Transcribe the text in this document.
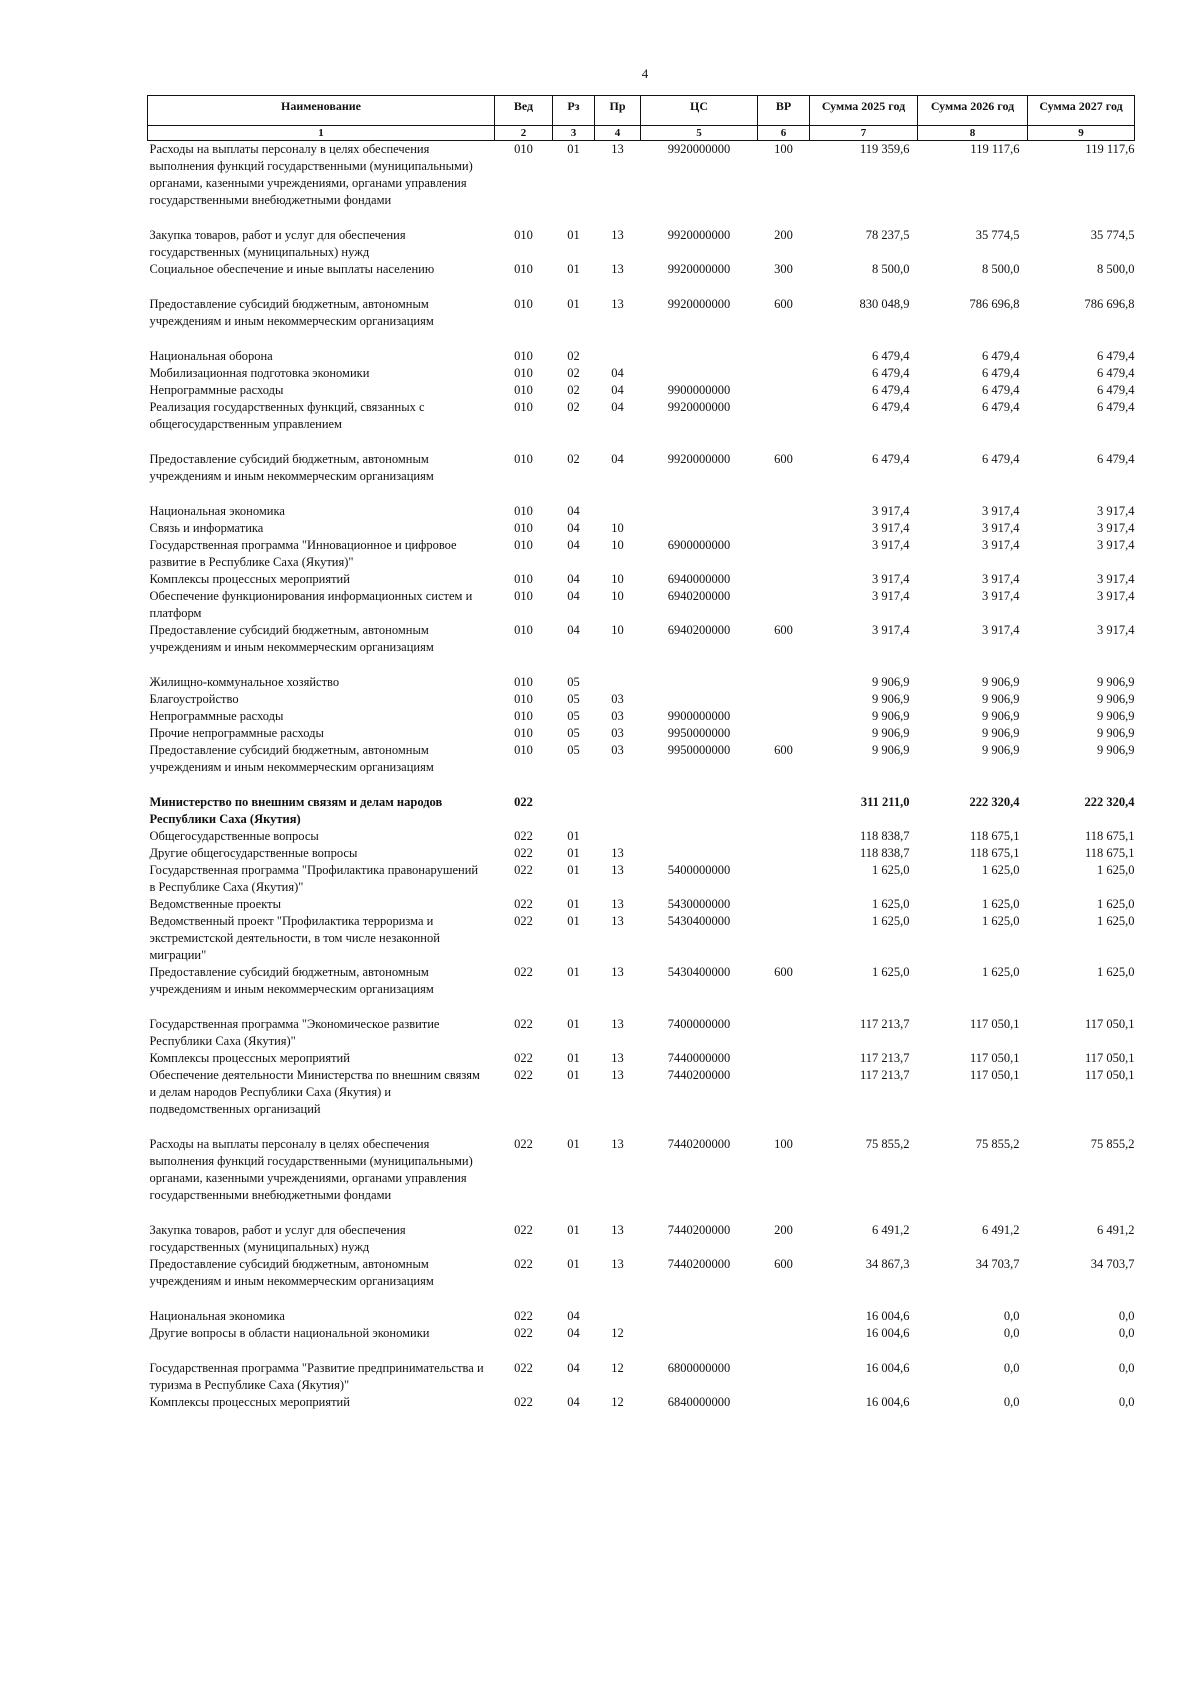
4
Наименование	Вед	Рз	Пр	ЦС	ВР	Сумма 2025 год	Сумма 2026 год	Сумма 2027 год
1	2	3	4	5	6	7	8	9
Расходы на выплаты персоналу в целях обеспечения выполнения функций государственными (муниципальными) органами, казенными учреждениями, органами управления государственными внебюджетными фондами	010	01	13	9920000000	100	119 359,6	119 117,6	119 117,6

Закупка товаров, работ и услуг для обеспечения государственных (муниципальных) нужд	010	01	13	9920000000	200	78 237,5	35 774,5	35 774,5
Социальное обеспечение и иные выплаты населению	010	01	13	9920000000	300	8 500,0	8 500,0	8 500,0

Предоставление субсидий бюджетным, автономным учреждениям и иным некоммерческим организациям	010	01	13	9920000000	600	830 048,9	786 696,8	786 696,8

Национальная оборона	010	02				6 479,4	6 479,4	6 479,4
Мобилизационная подготовка экономики	010	02	04			6 479,4	6 479,4	6 479,4
Непрограммные расходы	010	02	04	9900000000		6 479,4	6 479,4	6 479,4
Реализация государственных функций, связанных с общегосударственным управлением	010	02	04	9920000000		6 479,4	6 479,4	6 479,4

Предоставление субсидий бюджетным, автономным учреждениям и иным некоммерческим организациям	010	02	04	9920000000	600	6 479,4	6 479,4	6 479,4

Национальная экономика	010	04				3 917,4	3 917,4	3 917,4
Связь и информатика	010	04	10			3 917,4	3 917,4	3 917,4
Государственная программа "Инновационное и цифровое развитие в Республике Саха (Якутия)"	010	04	10	6900000000		3 917,4	3 917,4	3 917,4
Комплексы процессных мероприятий	010	04	10	6940000000		3 917,4	3 917,4	3 917,4
Обеспечение функционирования информационных систем и платформ	010	04	10	6940200000		3 917,4	3 917,4	3 917,4
Предоставление субсидий бюджетным, автономным учреждениям и иным некоммерческим организациям	010	04	10	6940200000	600	3 917,4	3 917,4	3 917,4

Жилищно-коммунальное хозяйство	010	05				9 906,9	9 906,9	9 906,9
Благоустройство	010	05	03			9 906,9	9 906,9	9 906,9
Непрограммные расходы	010	05	03	9900000000		9 906,9	9 906,9	9 906,9
Прочие непрограммные расходы	010	05	03	9950000000		9 906,9	9 906,9	9 906,9
Предоставление субсидий бюджетным, автономным учреждениям и иным некоммерческим организациям	010	05	03	9950000000	600	9 906,9	9 906,9	9 906,9

Министерство по внешним связям и делам народов Республики Саха (Якутия)	022					311 211,0	222 320,4	222 320,4
Общегосударственные вопросы	022	01				118 838,7	118 675,1	118 675,1
Другие общегосударственные вопросы	022	01	13			118 838,7	118 675,1	118 675,1
Государственная программа "Профилактика правонарушений в Республике Саха (Якутия)"	022	01	13	5400000000		1 625,0	1 625,0	1 625,0
Ведомственные проекты	022	01	13	5430000000		1 625,0	1 625,0	1 625,0
Ведомственный проект "Профилактика терроризма и экстремистской деятельности, в том числе незаконной миграции"	022	01	13	5430400000		1 625,0	1 625,0	1 625,0
Предоставление субсидий бюджетным, автономным учреждениям и иным некоммерческим организациям	022	01	13	5430400000	600	1 625,0	1 625,0	1 625,0

Государственная программа "Экономическое развитие Республики Саха (Якутия)"	022	01	13	7400000000		117 213,7	117 050,1	117 050,1
Комплексы процессных мероприятий	022	01	13	7440000000		117 213,7	117 050,1	117 050,1
Обеспечение деятельности Министерства по внешним связям и делам народов Республики Саха (Якутия) и подведомственных организаций	022	01	13	7440200000		117 213,7	117 050,1	117 050,1

Расходы на выплаты персоналу в целях обеспечения выполнения функций государственными (муниципальными) органами, казенными учреждениями, органами управления государственными внебюджетными фондами	022	01	13	7440200000	100	75 855,2	75 855,2	75 855,2

Закупка товаров, работ и услуг для обеспечения государственных (муниципальных) нужд	022	01	13	7440200000	200	6 491,2	6 491,2	6 491,2
Предоставление субсидий бюджетным, автономным учреждениям и иным некоммерческим организациям	022	01	13	7440200000	600	34 867,3	34 703,7	34 703,7

Национальная экономика	022	04				16 004,6	0,0	0,0
Другие вопросы в области национальной экономики	022	04	12			16 004,6	0,0	0,0

Государственная программа "Развитие предпринимательства и туризма в Республике Саха (Якутия)"	022	04	12	6800000000		16 004,6	0,0	0,0
Комплексы процессных мероприятий	022	04	12	6840000000		16 004,6	0,0	0,0
